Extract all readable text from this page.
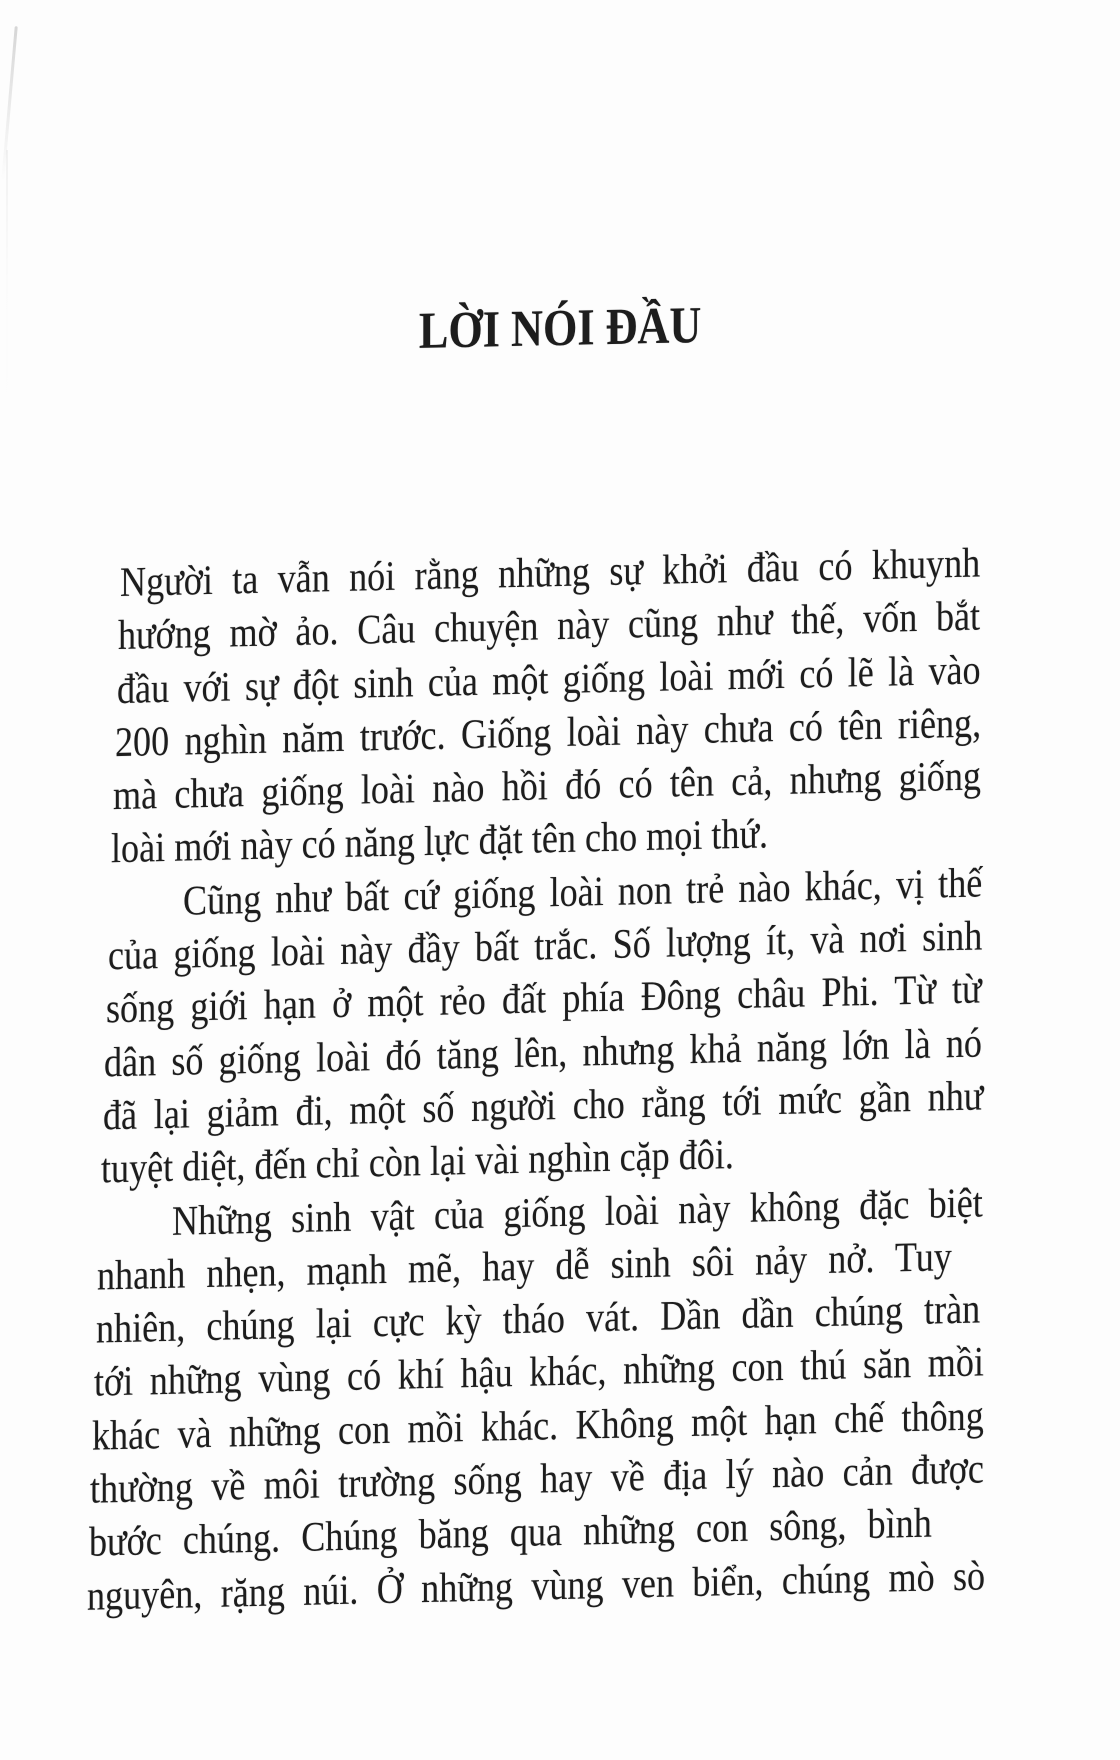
LỜI NÓI ĐẦU
Người ta vẫn nói rằng những sự khởi đầu có khuynh
hướng mờ ảo. Câu chuyện này cũng như thế, vốn bắt
đầu với sự đột sinh của một giống loài mới có lẽ là vào
200 nghìn năm trước. Giống loài này chưa có tên riêng,
mà chưa giống loài nào hồi đó có tên cả, nhưng giống
loài mới này có năng lực đặt tên cho mọi thứ.
Cũng như bất cứ giống loài non trẻ nào khác, vị thế
của giống loài này đầy bất trắc. Số lượng ít, và nơi sinh
sống giới hạn ở một rẻo đất phía Đông châu Phi. Từ từ
dân số giống loài đó tăng lên, nhưng khả năng lớn là nó
đã lại giảm đi, một số người cho rằng tới mức gần như
tuyệt diệt, đến chỉ còn lại vài nghìn cặp đôi.
Những sinh vật của giống loài này không đặc biệt
nhanh nhẹn, mạnh mẽ, hay dễ sinh sôi nảy nở. Tuy
nhiên, chúng lại cực kỳ tháo vát. Dần dần chúng tràn
tới những vùng có khí hậu khác, những con thú săn mồi
khác và những con mồi khác. Không một hạn chế thông
thường về môi trường sống hay về địa lý nào cản được
bước chúng. Chúng băng qua những con sông, bình
nguyên, rặng núi. Ở những vùng ven biển, chúng mò sò
